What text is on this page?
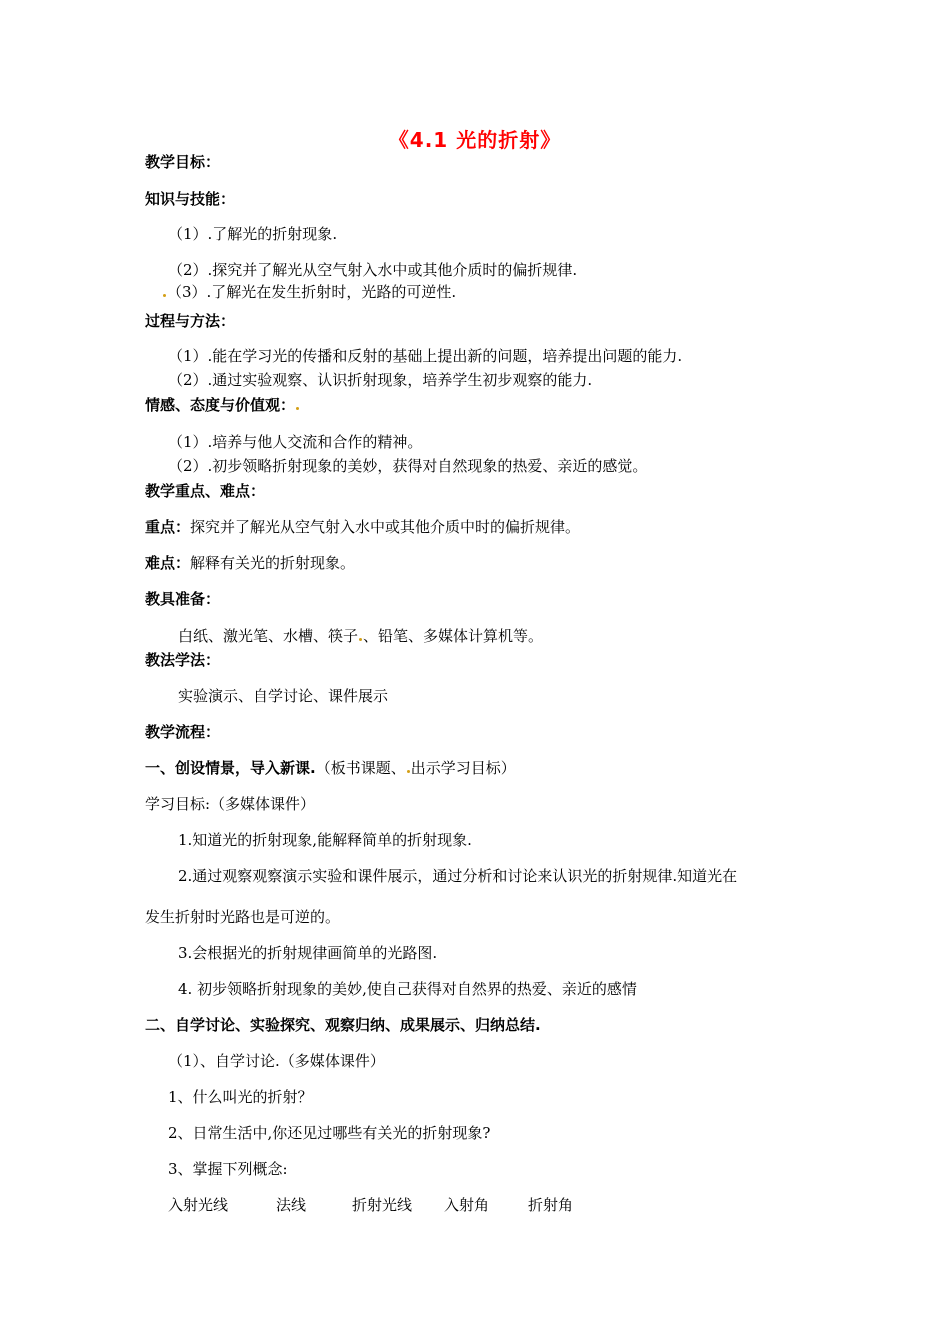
《4.1 光的折射》
教学目标：
知识与技能：
（1）.了解光的折射现象.
（2）.探究并了解光从空气射入水中或其他介质时的偏折规律.
（3）.了解光在发生折射时，光路的可逆性.
过程与方法：
（1）.能在学习光的传播和反射的基础上提出新的问题，培养提出问题的能力.
（2）.通过实验观察、认识折射现象，培养学生初步观察的能力.
情感、态度与价值观：
（1）.培养与他人交流和合作的精神。
（2）.初步领略折射现象的美妙，获得对自然现象的热爱、亲近的感觉。
教学重点、难点：
重点：探究并了解光从空气射入水中或其他介质中时的偏折规律。
难点：解释有关光的折射现象。
教具准备：
白纸、激光笔、水槽、筷子 、铅笔、多媒体计算机等。
教法学法：
实验演示、自学讨论、课件展示
教学流程：
一、创设情景，导入新课.（板书课题、 出示学习目标）
学习目标:（多媒体课件）
1.知道光的折射现象,能解释简单的折射现象.
2.通过观察观察演示实验和课件展示，通过分析和讨论来认识光的折射规律.知道光在
发生折射时光路也是可逆的。
3.会根据光的折射规律画简单的光路图.
4. 初步领略折射现象的美妙,使自己获得对自然界的热爱、亲近的感情
二、自学讨论、实验探究、观察归纳、成果展示、归纳总结.
（1）、自学讨论.（多媒体课件）
1、什么叫光的折射？
2、日常生活中,你还见过哪些有关光的折射现象?
3、掌握下列概念:
入射光线	法线	折射光线 入射角	折射角
